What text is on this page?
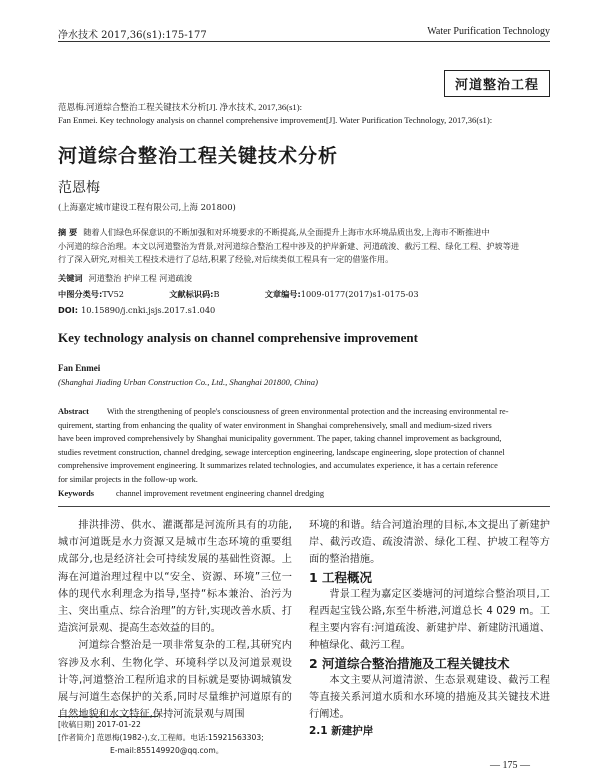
净水技术 2017,36(s1):175-177	Water Purification Technology
河道整治工程
范恩梅.河道综合整治工程关键技术分析[J]. 净水技术, 2017,36(s1):
Fan Enmei. Key technology analysis on channel comprehensive improvement[J]. Water Purification Technology, 2017,36(s1):
河道综合整治工程关键技术分析
范恩梅
(上海嘉定城市建设工程有限公司,上海 201800)
摘 要 随着人们绿色环保意识的不断加强和对环境要求的不断提高,从全面提升上海市水环境品质出发,上海市不断推进中
小河道的综合治理。本文以河道整治为背景,对河道综合整治工程中涉及的护岸新建、河道疏浚、截污工程、绿化工程、护坡等进
行了深入研究,对相关工程技术进行了总结,积累了经验,对后续类似工程具有一定的借鉴作用。
关键词 河道整治 护岸工程 河道疏浚
中图分类号:TV52	文献标识码:B	文章编号:1009-0177(2017)s1-0175-03
DOI: 10.15890/j.cnki.jsjs.2017.s1.040
Key technology analysis on channel comprehensive improvement
Fan Enmei
(Shanghai Jiading Urban Construction Co., Ltd., Shanghai 201800, China)
Abstract With the strengthening of people's consciousness of green environmental protection and the increasing environmental re-
quirement, starting from enhancing the quality of water environment in Shanghai comprehensively, small and medium-sized rivers
have been improved comprehensively by Shanghai municipality government. The paper, taking channel improvement as background,
studies revetment construction, channel dredging, sewage interception engineering, landscape engineering, slope protection of channel
comprehensive improvement engineering. It summarizes related technologies, and accumulates experience, it has a certain reference
for similar projects in the follow-up work.
Keywords	channel improvement revetment engineering channel dredging

排洪排涝、供水、灌溉都是河流所具有的功能,城市河道既是水力资源又是城市生态环境的重要组成部分,也是经济社会可持续发展的基础性资源。上海在河道治理过程中以“安全、资源、环境”三位一体的现代水利理念为指导,坚持“标本兼治、治污为主、突出重点、综合治理”的方针,实现改善水质、打造滨河景观、提高生态效益的目的。

河道综合整治是一项非常复杂的工程,其研究内容涉及水利、生物化学、环境科学以及河道景观设计等,河道整治工程所追求的目标就是要协调城镇发展与河道生态保护的关系,同时尽量维护河道原有的自然地貌和水文特征,保持河流景观与周围

环境的和谐。结合河道治理的目标,本文提出了新建护岸、截污改造、疏浚清淤、绿化工程、护坡工程等方面的整治措施。

1 工程概况

背景工程为嘉定区娄塘河的河道综合整治项目,工程西起宝钱公路,东至牛桥港,河道总长 4 029 m。工程主要内容有:河道疏浚、新建护岸、新建防汛通道、种植绿化、截污工程。

2 河道综合整治措施及工程关键技术

本文主要从河道清淤、生态景观建设、截污工程等直接关系河道水质和水环境的措施及其关键技术进行阐述。

2.1 新建护岸

[收稿日期] 2017-01-22
[作者简介] 范恩梅(1982-),女,工程师。电话:15921563303;
E-mail:855149920@qq.com。
— 175 —
